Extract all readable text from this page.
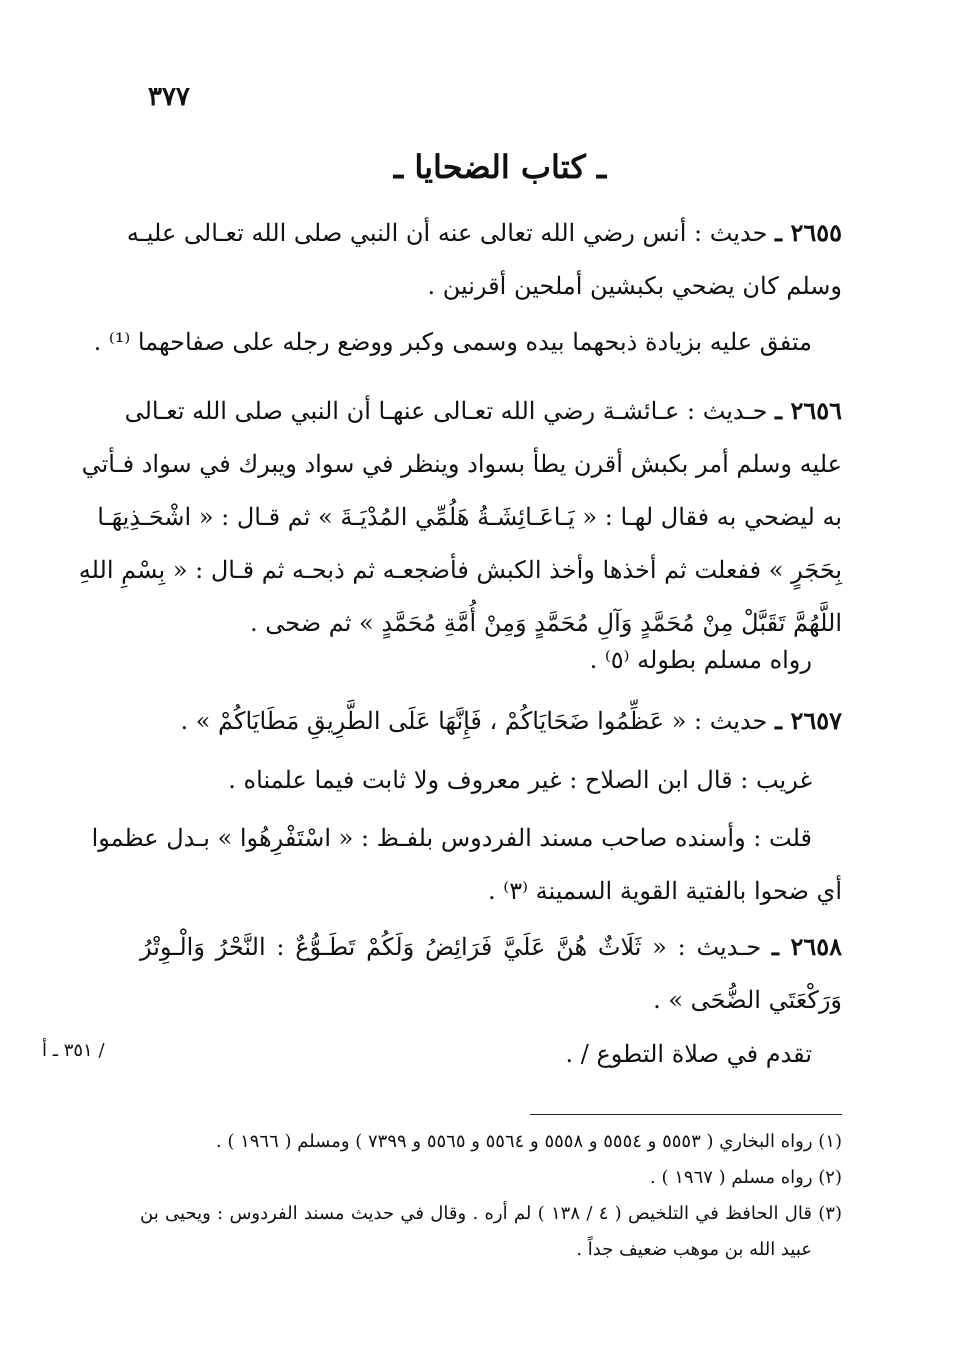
٣٧٧
ـ كتاب الضحايا ـ
٢٦٥٥ ـ حديث : أنس رضي الله تعالى عنه أن النبي صلى الله تعـالى عليـه
وسلم كان يضحي بكبشين أملحين أقرنين .
متفق عليه بزيادة ذبحهما بيده وسمى وكبر ووضع رجله على صفاحهما ⁽¹⁾ .
٢٦٥٦ ـ حـديث : عـائشـة رضي الله تعـالى عنهـا أن النبي صلى الله تعـالى
عليه وسلم أمر بكبش أقرن يطأ بسواد وينظر في سواد ويبرك في سواد فـأتي
به ليضحي به فقال لهـا : « يَـاعَـائِشَـةُ هَلُمِّي المُدْيَـةَ » ثم قـال : « اشْحَـذِيهَـا
بِحَجَرٍ » ففعلت ثم أخذها وأخذ الكبش فأضجعـه ثم ذبحـه ثم قـال : « بِسْمِ اللهِ
اللَّهُمَّ تَقَبَّلْ مِنْ مُحَمَّدٍ وَآلِ مُحَمَّدٍ وَمِنْ أُمَّةِ مُحَمَّدٍ » ثم ضحى .
رواه مسلم بطوله ⁽٥⁾ .
٢٦٥٧ ـ حديث : « عَظِّمُوا ضَحَايَاكُمْ ، فَإِنَّهَا عَلَى الطَّرِيقِ مَطَايَاكُمْ » .
غريب : قال ابن الصلاح : غير معروف ولا ثابت فيما علمناه .
قلت : وأسنده صاحب مسند الفردوس بلفـظ : « اسْتَفْرِهُوا » بـدل عظموا
أي ضحوا بالفتية القوية السمينة ⁽٣⁾ .
٢٦٥٨ ـ حـديث : « ثَلَاثٌ هُنَّ عَلَيَّ فَرَائِضُ وَلَكُمْ تَطَـوُّعٌ : النَّحْرُ وَالْـوِتْرُ
وَرَكْعَتَي الضُّحَى » .
تقدم في صلاة التطوع / .
/ ٣٥١ ـ أ
(١) رواه البخاري ( ٥٥٥٣ و ٥٥٥٤ و ٥٥٥٨ و ٥٥٦٤ و ٥٥٦٥ و ٧٣٩٩ ) ومسلم ( ١٩٦٦ ) .
(٢) رواه مسلم ( ١٩٦٧ ) .
(٣) قال الحافظ في التلخيص ( ٤ / ١٣٨ ) لم أره . وقال في حديث مسند الفردوس : ويحيى بن
عبيد الله بن موهب ضعيف جداً .
